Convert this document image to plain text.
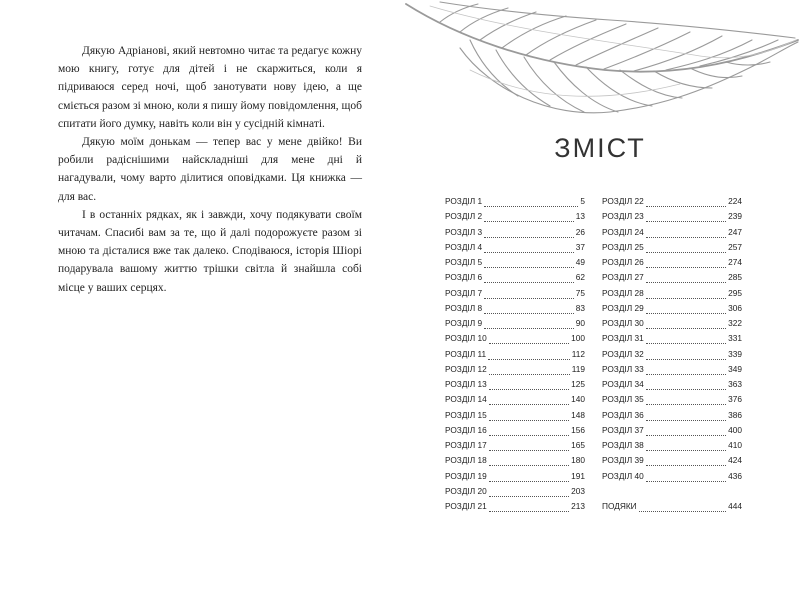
Дякую Адріанові, який невтомно читає та редагує кожну мою книгу, готує для дітей і не скаржиться, коли я підриваюся серед ночі, щоб занотувати нову ідею, а ще сміється разом зі мною, коли я пишу йому повідомлення, щоб спитати його думку, навіть коли він у сусідній кімнаті.

Дякую моїм донькам — тепер вас у мене двійко! Ви робили радіснішими найскладніші для мене дні й нагадували, чому варто ділитися оповідками. Ця книжка — для вас.

І в останніх рядках, як і завжди, хочу подякувати своїм читачам. Спасибі вам за те, що й далі подорожуєте разом зі мною та дісталися вже так далеко. Сподіваюся, історія Шіорі подарувала вашому життю трішки світла й знайшла собі місце у ваших серцях.

ЗМІСТ
РОЗДІЛ 1	5
РОЗДІЛ 2	13
РОЗДІЛ 3	26
РОЗДІЛ 4	37
РОЗДІЛ 5	49
РОЗДІЛ 6	62
РОЗДІЛ 7	75
РОЗДІЛ 8	83
РОЗДІЛ 9	90
РОЗДІЛ 10	100
РОЗДІЛ 11	112
РОЗДІЛ 12	119
РОЗДІЛ 13	125
РОЗДІЛ 14	140
РОЗДІЛ 15	148
РОЗДІЛ 16	156
РОЗДІЛ 17	165
РОЗДІЛ 18	180
РОЗДІЛ 19	191
РОЗДІЛ 20	203
РОЗДІЛ 21	213
РОЗДІЛ 22	224
РОЗДІЛ 23	239
РОЗДІЛ 24	247
РОЗДІЛ 25	257
РОЗДІЛ 26	274
РОЗДІЛ 27	285
РОЗДІЛ 28	295
РОЗДІЛ 29	306
РОЗДІЛ 30	322
РОЗДІЛ 31	331
РОЗДІЛ 32	339
РОЗДІЛ 33	349
РОЗДІЛ 34	363
РОЗДІЛ 35	376
РОЗДІЛ 36	386
РОЗДІЛ 37	400
РОЗДІЛ 38	410
РОЗДІЛ 39	424
РОЗДІЛ 40	436
ПОДЯКИ	444
